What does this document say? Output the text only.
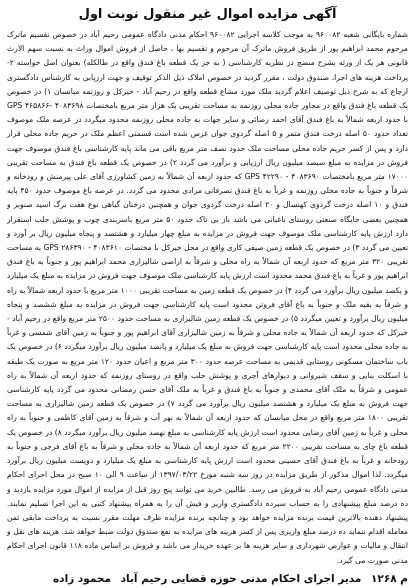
آگهی مزایده اموال غیر منقول نوبت اول

شماره بایگانی شعبه ۹۶۰۰۸۲ به موجب کلاسه اجرایی ۹۶۰۰۸۲ احکام مدنی دادگاه عمومی رحیم آباد در خصوص تقسیم ماترک مرحوم محمد ابراهیم پور از طریق فروش ماترک آن مرحوم و تقسیم بها ، حاصل از فروش اموال وراث به نسبت سهم الارث قانونی هر یک از ورثه بشرح منضج در نظریه کارشناسی ( به جز یک قطعه باغ فندق واقع در طالکله) بعنوان اصل خواسته ۲- پرداخت هزینه های اجرا، صندوق دولت ، مقرر گردید در خصوص املاک ذیل الذکر توقیف و جهت ارزیابی به کارشناس دادگستری ارجاع که به شرح ذیل توصیف اعلام گردید ملک مورد مشاع قطعه واقع در رحیم آباد - خیرکل و روزنمه میانسان ۱) در خصوص یک قطعه باغ فندق واقع در مجاور جاده محلی روزنمه به مساحت تقریبی یک هزار متر مربع بامختصات GPS ۴۶۵۸۶۶- ۴۰۸۳۶۹۸ با حدود اربعه شمالاً به باغ فندق آقای احمد رضائی و سایر جهات به جاده محلی روزنمه محدود میگردد در عرصه ملک موصوف تعداد حدود ۵۰ اصله درخت فندق متمر و ۵ اصله گردوی جوان غرس شده است قسمتی اعظم ملک در حریم جاده محلی قرار دارد و پس از کسر حریم جاده محلی مساحت ملک حدود نصف متر مربع باقی می ماند پایه کارشناسی باغ فندق موصوف جهت فروش در مزایده به مبلغ سیصد میلیون ریال ارزیابی و برآورد می گردد ۲) در خصوص یک قطعه باغ فندق به مساحت تقریبی ۱۷۰۰۰ متر مربع بامختصات GPS ۴۲۲۹۰ - ۴۰۸۳۶۹۰ که حدود اربعه آن شمالاً به زمین کشاورزی آقای علی پیرمنش و رودخانه و شرقاً و جنوباً به جاده محلی روزنمه و غرباً به باغ فندق تصرفاتی مرادی محدود می گردد. در عرصه باغ موصوف حدود ۴۵۰ پایه فندق و ۱۰ اصله درخت گردوی کهنسال و ۲۰ اصله درخت گردوی جوان و همچنین درختان گیاهی نوع هفت برگ اسید صنوبر و همچنین بعضی جایگاه صنعتی روستای باغبانی می باشد باز بی تاک حدود ۵۰ متر مربع باسربندی چوب و پوشش حلب استقرار دارد ارزش پایه کارشناسی ملک موصوف جهت فروش در مزایده به مبلغ چهار میلیارد و هشتصد و پنجاه میلیون ریال بر آورد و تعیین می گردد ۳) در خصوص یک قطعه زمین صیفی کاری واقع در محل خیرکل با مختصات GPS ۲۸۶۳۹۰ - ۴۰۸۳۶۱۰ به مساحت تقریبی ۳۲۰ متر مربع که حدود اربعه آن شمالاً به راه محلی و شرقاً به اراضی شالیزاری محمد ابراهیم پور و جنوباً به باغ فندق ابراهیم پور و غرباً به باغ فندق محمد محدود است ارزش پایه کارشناسی ملک موصوف جهت فروش در مزایده به مبلغ یک میلیارد و یکصد میلیون ریال برآورد می گردد ۴) در خصوص یک قطعه زمین به مساحت تقریبی ۱۰۰۰ متر مربع با حدود اربعه شمالاً به راه و شرقاً به بقیه ملک و جنوباً به باغ آقای فروتن محدود است پایه کارشناسی جهت فروش در مزایده به مبلغ ششصد و پنجاه میلیون ریال برآورد و تعیین میگردد ۵) در خصوص یک قطعه زمین شالیزاری به مساحت حدود ۲۵۰۰ متر مربع واقع در رحیم آباد - خیرکل که حدود اربعه آن شمالاً به جاده محلی و شرقاً به زمین شالیزاری آقای ابراهیم پور و جنوباً به زمین آقای شمسی و غرباً به جاده محلی محدود است پایه کارشناسی جهت فروش به مبلغ یک میلیارد و پانصد میلیون ریال برآورد میگردد ۶) در خصوص یک باب ساختمان مسکونی روستایی قدیمی به مساحت عرصه حدود ۳۰۰ متر مربع و اعیان حدود ۱۲۰ متر مربع به صورت یک طبقه با اسکلت بنایی و سقف شیروانی و دیوارهای آجری و پوشش حلب واقع در روستای روزنمه که حدود اربعه آن شمالاً به راه عمومی و شرقاً به ملک آقای محمدی و جنوباً به باغ فندق و غرباً به ملک آقای حسن رمضانی محدود می گردد پایه کارشناسی جهت فروش به مبلغ یک میلیارد و هشتصد میلیون ریال برآورد می گردد ۷) در خصوص یک قطعه زمین شالیزاری به مساحت تقریبی ۱۸۰۰ متر مربع واقع در محل میانسان که حدود اربعه آن شمالاً به نهر آب و شرقاً به زمین آقای کاظمی و جنوباً به راه محلی و غرباً به زمین آقای رضایی محدود است ارزش پایه کارشناسی به مبلغ نهصد میلیون ریال برآورد میگردد ۸) در خصوص یک قطعه باغ چای به مساحت تقریبی ۲۲۰۰ متر مربع که حدود اربعه آن شمالاً به جاده محلی و شرقاً به باغ آقای فرجی و جنوباً به رودخانه و غرباً به باغ فندق آقای حسینی محدود است ارزش پایه کارشناسی به مبلغ یک میلیارد و دویست میلیون ریال برآورد میگردد. لذا اموال مذکور از طریق مزایده در روز سه شنبه مورخ ۱۳۹۷/۰۳/۲۲ از ساعت ۹ الی ۱۰ صبح در محل اجرای احکام مدنی دادگاه عمومی رحیم آباد به فروش می رسد. طالبین خرید می توانند پنج روز قبل از مزایده از اموال مورد مزایده بازدید و ده درصد مبلغ پیشنهادی را به حساب سپرده دادگستری واریز و فیش آن را به همراه پیشنهاد کتبی به این اجرا تسلیم نمایند. پیشنهاد دهنده بالاترین قیمت برنده مزایده خواهد بود و چنانچه برنده مزایده ظرف مهلت مقرر نسبت به پرداخت مابقی ثمن معامله اقدام ننماید ده درصد مبلغ واریزی پس از کسر هزینه های مزایده به نفع صندوق دولت ضبط خواهد شد. هزینه های نقل و انتقال و مالیات و عوارض شهرداری و سایر هزینه ها بر عهده خریدار می باشد و فروش بر اساس ماده ۱۱۸ قانون اجرای احکام مدنی صورت می گیرد.

م ۱۲۶۸ مدیر اجرای احکام مدنی حوزه قضایی رحیم آباد محمود زاده
